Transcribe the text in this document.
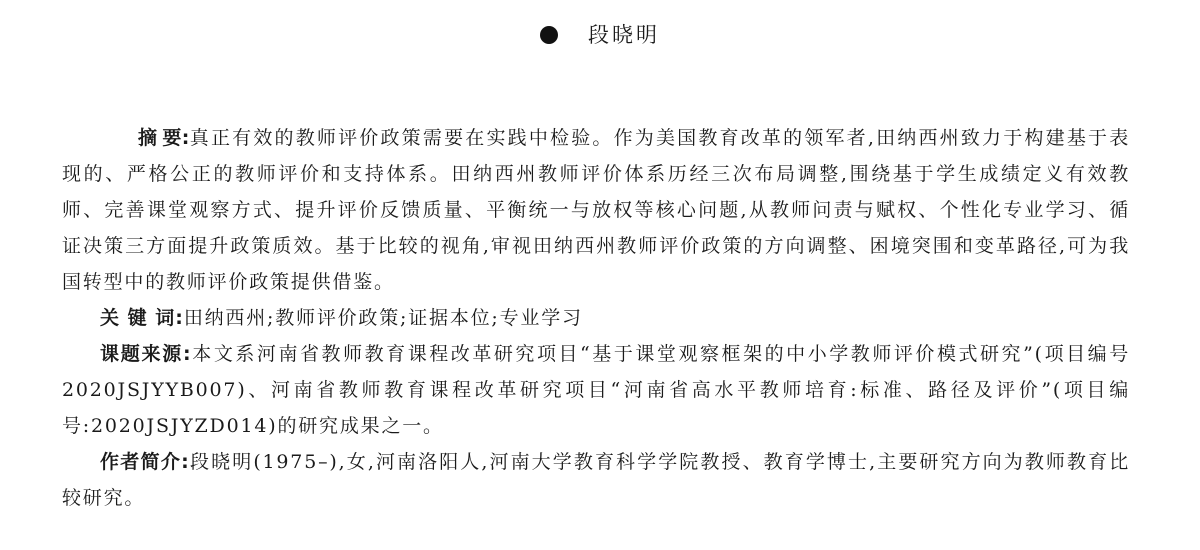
段晓明

摘 要:真正有效的教师评价政策需要在实践中检验。作为美国教育改革的领军者,田纳西州致力于构建基于表现的、严格公正的教师评价和支持体系。田纳西州教师评价体系历经三次布局调整,围绕基于学生成绩定义有效教师、完善课堂观察方式、提升评价反馈质量、平衡统一与放权等核心问题,从教师问责与赋权、个性化专业学习、循证决策三方面提升政策质效。基于比较的视角,审视田纳西州教师评价政策的方向调整、困境突围和变革路径,可为我国转型中的教师评价政策提供借鉴。

关 键 词:田纳西州;教师评价政策;证据本位;专业学习

课题来源:本文系河南省教师教育课程改革研究项目“基于课堂观察框架的中小学教师评价模式研究”(项目编号 2020JSJYYB007)、河南省教师教育课程改革研究项目“河南省高水平教师培育:标准、路径及评价”(项目编号:2020JSJYZD014)的研究成果之一。

作者简介:段晓明(1975–),女,河南洛阳人,河南大学教育科学学院教授、教育学博士,主要研究方向为教师教育比较研究。
